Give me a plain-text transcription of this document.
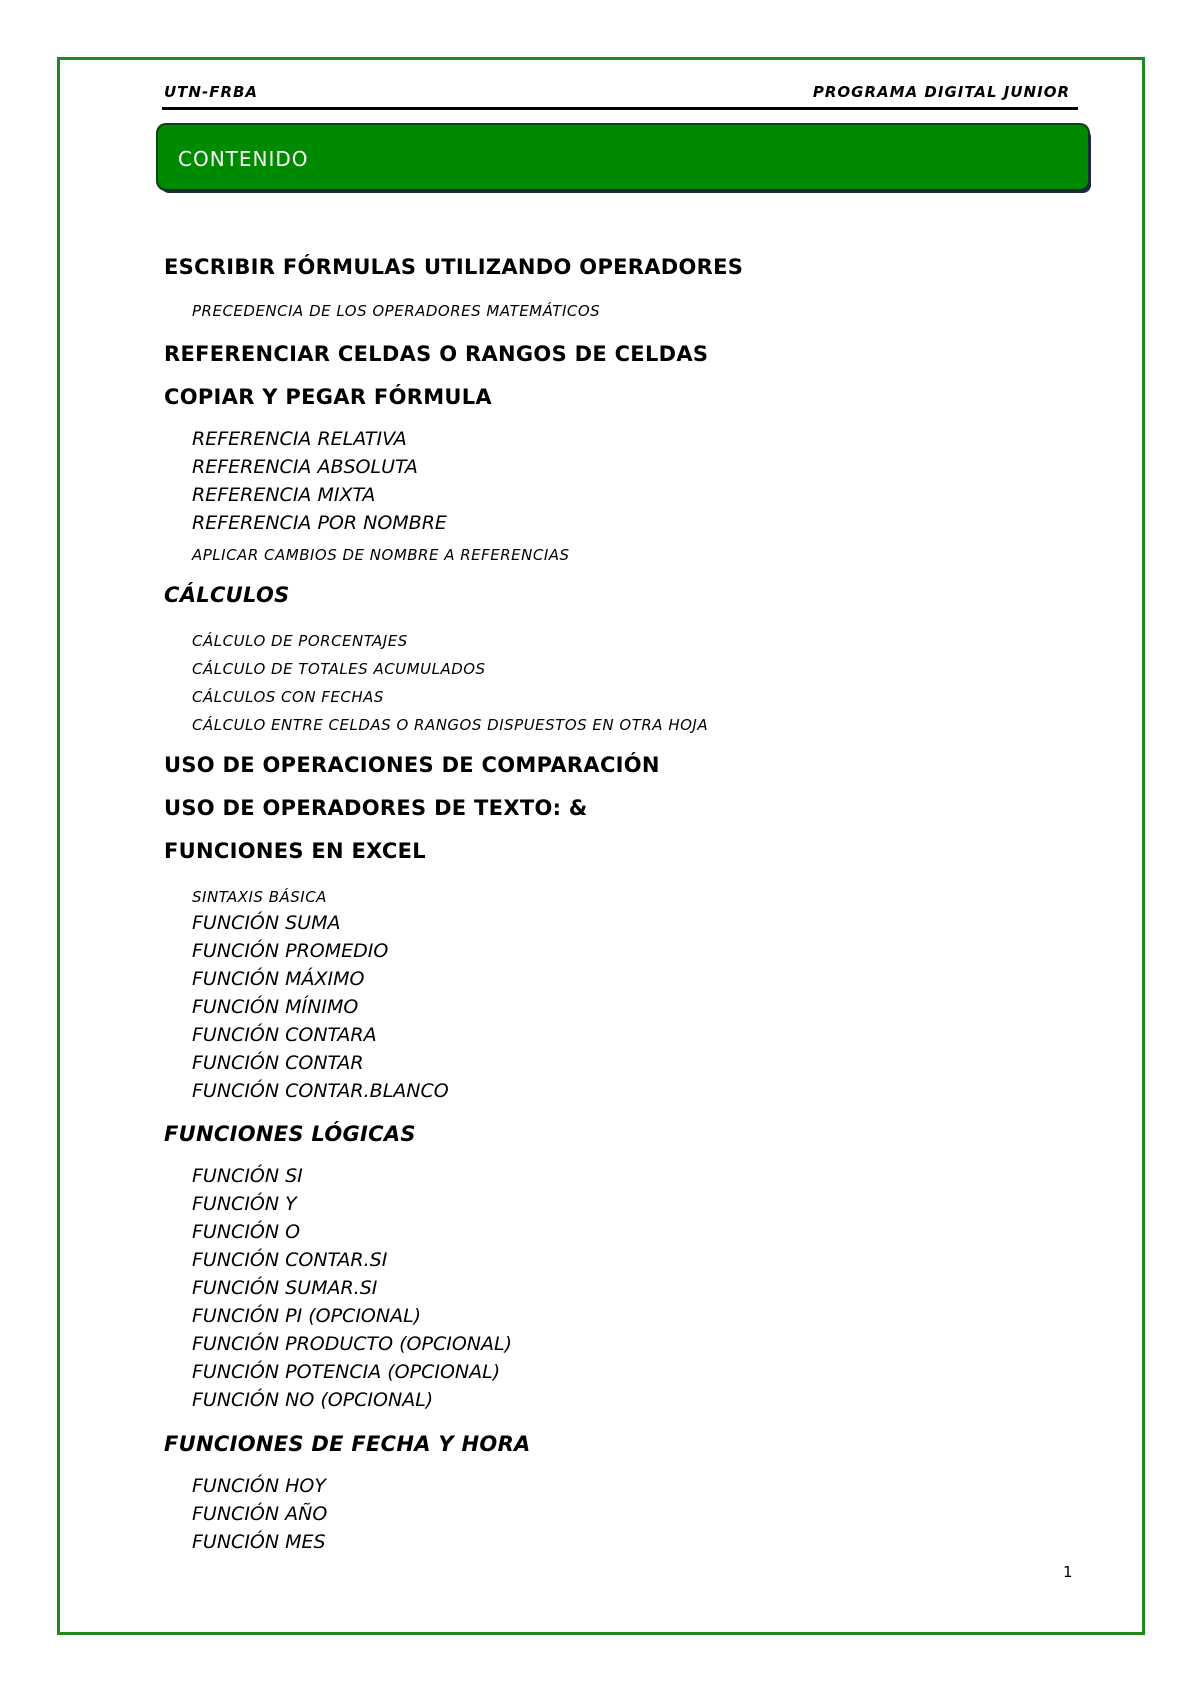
UTN-FRBA	PROGRAMA DIGITAL JUNIOR
CONTENIDO
ESCRIBIR FÓRMULAS UTILIZANDO OPERADORES
PRECEDENCIA DE LOS OPERADORES MATEMÁTICOS
REFERENCIAR CELDAS O RANGOS DE CELDAS
COPIAR Y PEGAR FÓRMULA
REFERENCIA RELATIVA
REFERENCIA ABSOLUTA
REFERENCIA MIXTA
REFERENCIA POR NOMBRE
APLICAR CAMBIOS DE NOMBRE A REFERENCIAS
CÁLCULOS
CÁLCULO DE PORCENTAJES
CÁLCULO DE TOTALES ACUMULADOS
CÁLCULOS CON FECHAS
CÁLCULO ENTRE CELDAS O RANGOS DISPUESTOS EN OTRA HOJA
USO DE OPERACIONES DE COMPARACIÓN
USO DE OPERADORES DE TEXTO: &
FUNCIONES EN EXCEL
SINTAXIS BÁSICA
FUNCIÓN SUMA
FUNCIÓN PROMEDIO
FUNCIÓN MÁXIMO
FUNCIÓN MÍNIMO
FUNCIÓN CONTARA
FUNCIÓN CONTAR
FUNCIÓN CONTAR.BLANCO
FUNCIONES LÓGICAS
FUNCIÓN SI
FUNCIÓN Y
FUNCIÓN O
FUNCIÓN CONTAR.SI
FUNCIÓN SUMAR.SI
FUNCIÓN PI (OPCIONAL)
FUNCIÓN PRODUCTO (OPCIONAL)
FUNCIÓN POTENCIA (OPCIONAL)
FUNCIÓN NO (OPCIONAL)
FUNCIONES DE FECHA Y HORA
FUNCIÓN HOY
FUNCIÓN AÑO
FUNCIÓN MES
1
